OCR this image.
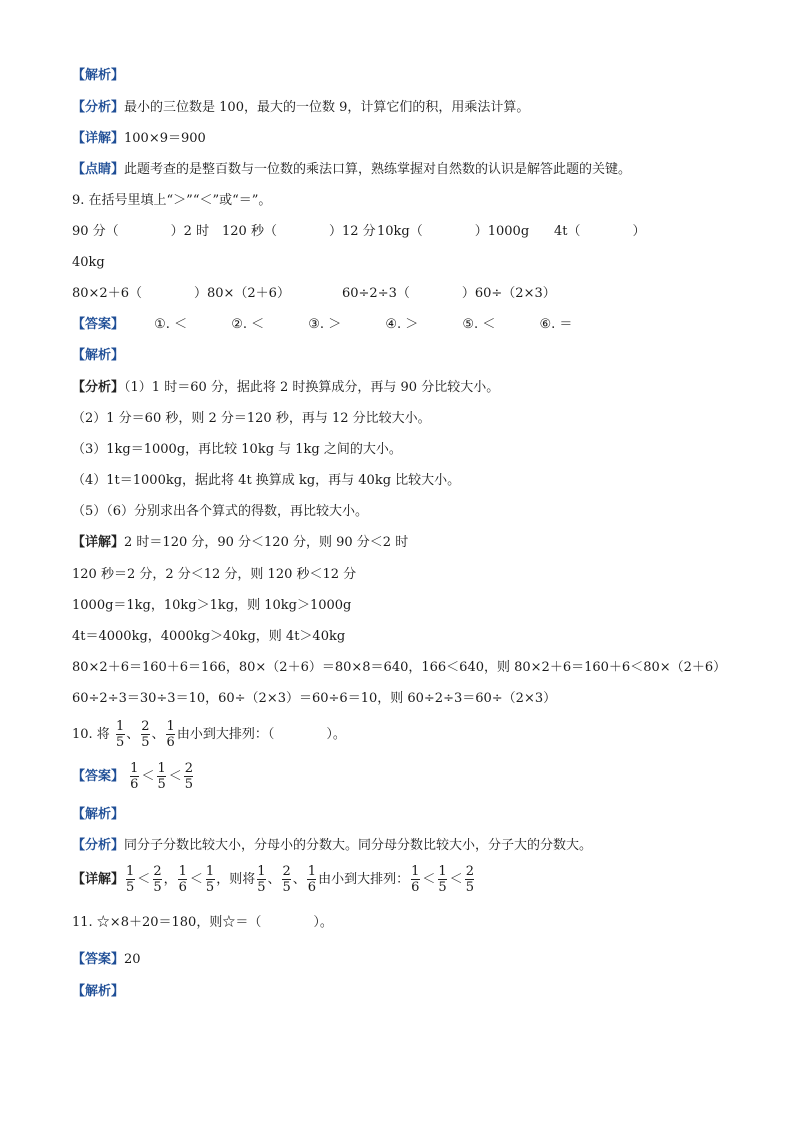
【解析】
【分析】最小的三位数是 100，最大的一位数 9，计算它们的积，用乘法计算。
【详解】100×9＝900
【点睛】此题考查的是整百数与一位数的乘法口算，熟练掌握对自然数的认识是解答此题的关键。
9. 在括号里填上“＞”“＜”或“＝”。
90 分（　　　　）2 时 120 秒（　　　　）12 分10kg（　　　　）1000g 4t（　　　　）
40kg
80×2＋6（　　　　）80×（2＋6）	60÷2÷3（　　　　）60÷（2×3）
【答案】 ①. ＜	②. ＜	③. ＞	④. ＞	⑤. ＜	⑥. ＝
【解析】
【分析】（1）1 时＝60 分，据此将 2 时换算成分，再与 90 分比较大小。
（2）1 分＝60 秒，则 2 分＝120 秒，再与 12 分比较大小。
（3）1kg＝1000g，再比较 10kg 与 1kg 之间的大小。
（4）1t＝1000kg，据此将 4t 换算成 kg，再与 40kg 比较大小。
（5）（6）分别求出各个算式的得数，再比较大小。
【详解】2 时＝120 分，90 分＜120 分，则 90 分＜2 时
120 秒＝2 分，2 分＜12 分，则 120 秒＜12 分
1000g＝1kg，10kg＞1kg，则 10kg＞1000g
4t＝4000kg，4000kg＞40kg，则 4t＞40kg
80×2＋6＝160＋6＝166，80×（2＋6）＝80×8＝640，166＜640，则 80×2＋6＝160＋6＜80×（2＋6）
60÷2÷3＝30÷3＝10，60÷（2×3）＝60÷6＝10，则 60÷2÷3＝60÷（2×3）
10. 将 $\frac{1}{5}$ 、 $\frac{2}{5}$ 、 $\frac{1}{6}$ 由小到大排列：（　　　　）。
【答案】 $\frac{1}{6} < \frac{1}{5} < \frac{2}{5}$
【解析】
【分析】同分子分数比较大小，分母小的分数大。同分母分数比较大小，分子大的分数大。
【详解】 $\frac{1}{5} < \frac{2}{5}$ ， $\frac{1}{6} < \frac{1}{5}$ ，则将 $\frac{1}{5}$ 、 $\frac{2}{5}$ 、 $\frac{1}{6}$ 由小到大排列： $\frac{1}{6} < \frac{1}{5} < \frac{2}{5}$
11. ☆×8＋20＝180，则☆＝（　　　　）。
【答案】20
【解析】
